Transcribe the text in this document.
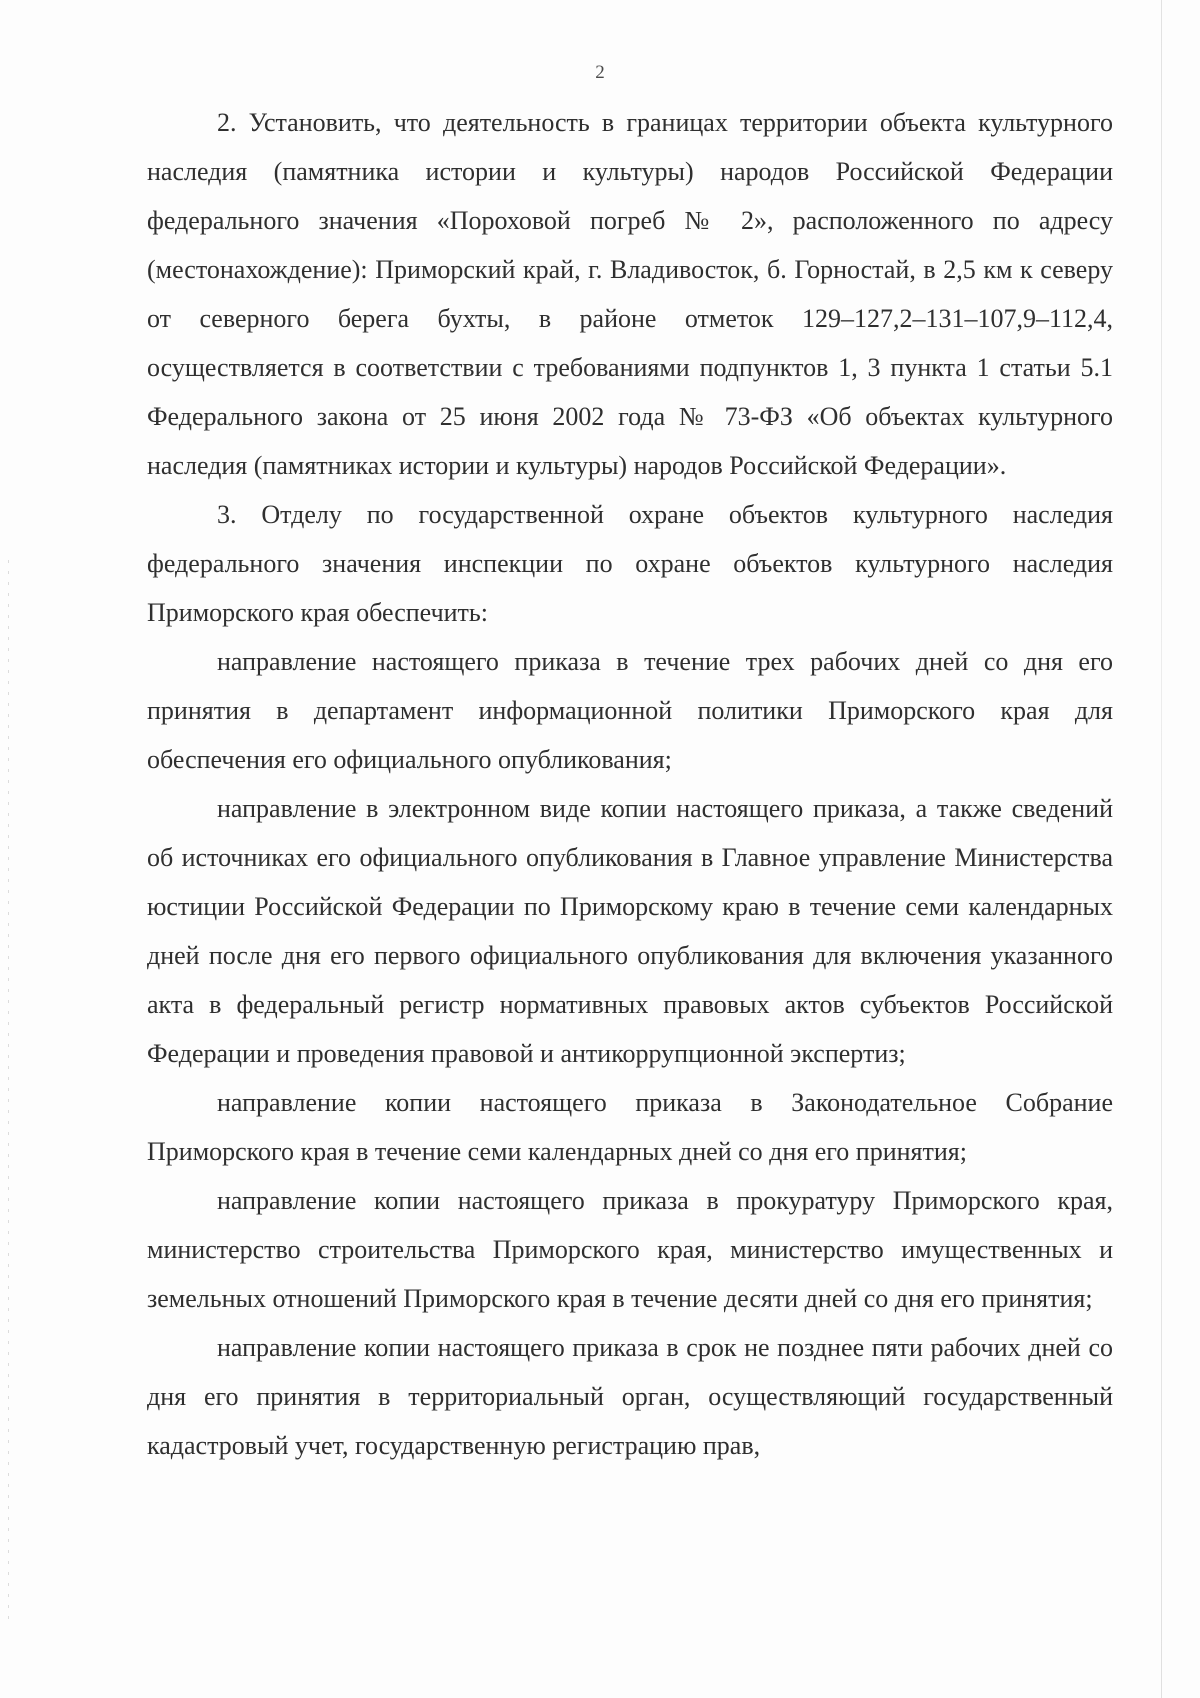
2

2. Установить, что деятельность в границах территории объекта культурного наследия (памятника истории и культуры) народов Российской Федерации федерального значения «Пороховой погреб № 2», расположенного по адресу (местонахождение): Приморский край, г. Владивосток, б. Горностай, в 2,5 км к северу от северного берега бухты, в районе отметок 129–127,2–131–107,9–112,4, осуществляется в соответствии с требованиями подпунктов 1, 3 пункта 1 статьи 5.1 Федерального закона от 25 июня 2002 года № 73-ФЗ «Об объектах культурного наследия (памятниках истории и культуры) народов Российской Федерации».

3. Отделу по государственной охране объектов культурного наследия федерального значения инспекции по охране объектов культурного наследия Приморского края обеспечить:

направление настоящего приказа в течение трех рабочих дней со дня его принятия в департамент информационной политики Приморского края для обеспечения его официального опубликования;

направление в электронном виде копии настоящего приказа, а также сведений об источниках его официального опубликования в Главное управление Министерства юстиции Российской Федерации по Приморскому краю в течение семи календарных дней после дня его первого официального опубликования для включения указанного акта в федеральный регистр нормативных правовых актов субъектов Российской Федерации и проведения правовой и антикоррупционной экспертиз;

направление копии настоящего приказа в Законодательное Собрание Приморского края в течение семи календарных дней со дня его принятия;

направление копии настоящего приказа в прокуратуру Приморского края, министерство строительства Приморского края, министерство имущественных и земельных отношений Приморского края в течение десяти дней со дня его принятия;

направление копии настоящего приказа в срок не позднее пяти рабочих дней со дня его принятия в территориальный орган, осуществляющий государственный кадастровый учет, государственную регистрацию прав,
